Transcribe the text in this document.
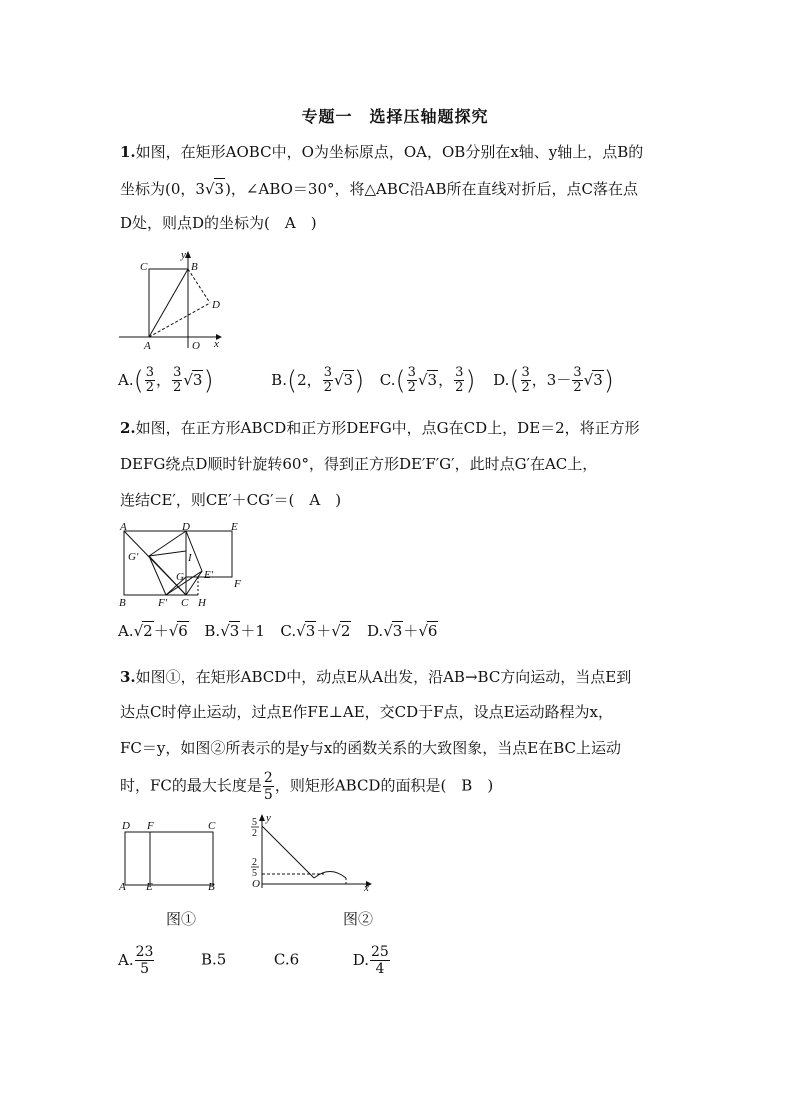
专题一　选择压轴题探究
1.如图，在矩形AOBC中，O为坐标原点，OA，OB分别在x轴、y轴上，点B的
坐标为(0，3√3)，∠ABO＝30°，将△ABC沿AB所在直线对折后，点C落在点
D处，则点D的坐标为(　A　)
C
y
B
D
A	O x
$A.( \frac{3}{2}$ ， $\frac{3}{2} √3$)	B.(2， $\frac{3}{2} √3$) $C.( \frac{3}{2} √3$， $\frac{3}{2}$ ) $D.( \frac{3}{2}$ ，$3- \frac{3}{2} √3$)
2.如图，在正方形ABCD和正方形DEFG中，点G在CD上，DE＝2，将正方形
DEFG绕点D顺时针旋转60°，得到正方形DE′F′G′，此时点G′在AC上，
连结CE′，则CE′＋CG′＝(　A　)
A	D	E
G′	I
G E′
F
B	F′ C H
A.√2＋√6 B.√3＋1 C.√3＋√2 D.√3＋√6
3.如图①，在矩形ABCD中，动点E从A出发，沿AB→BC方向运动，当点E到
达点C时停止运动，过点E作FE⊥AE，交CD于F点，设点E运动路程为x，
FC＝y，如图②所表示的是y与x的函数关系的大致图象，当点E在BC上运动
时，FC的最大长度是 $\frac{2}{5}$ ，则矩形ABCD的面积是(　B　)
D F	C
A E	B
y
5
2
2
5
O	x
图①	图②
A. $\frac{23}{5}$	B.5	C.6	D. $\frac{25}{4}$
